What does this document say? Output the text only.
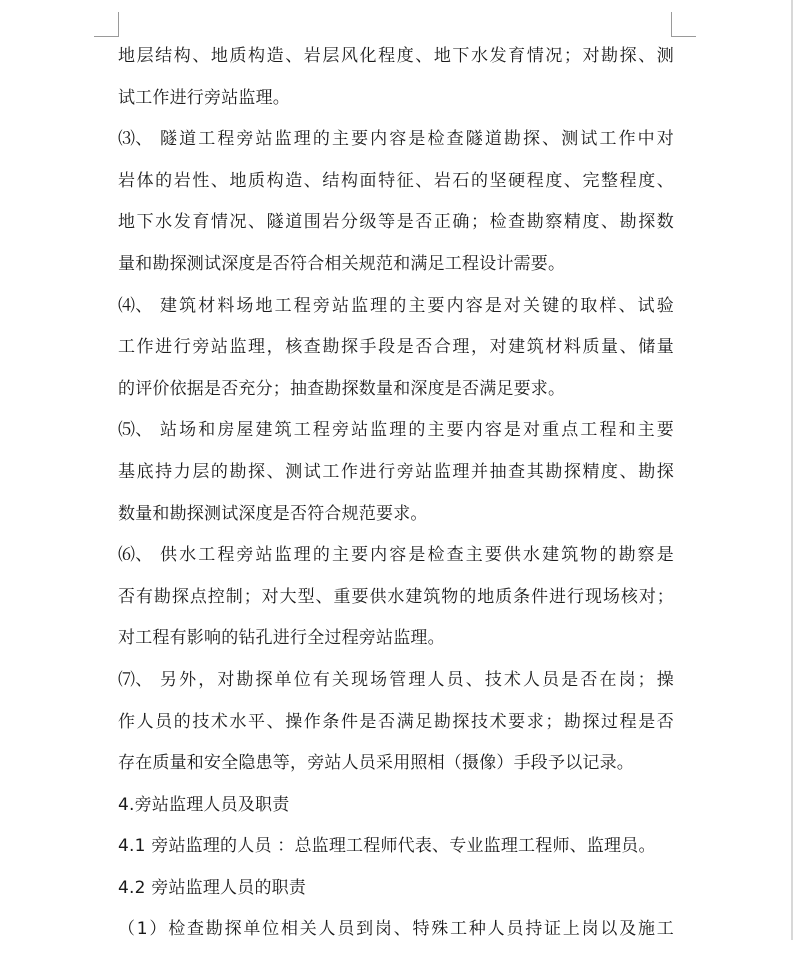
地层结构、地质构造、岩层风化程度、地下水发育情况；对勘探、测
试工作进行旁站监理。
⑶、 隧道工程旁站监理的主要内容是检查隧道勘探、测试工作中对
岩体的岩性、地质构造、结构面特征、岩石的坚硬程度、完整程度、
地下水发育情况、隧道围岩分级等是否正确；检查勘察精度、勘探数
量和勘探测试深度是否符合相关规范和满足工程设计需要。
⑷、 建筑材料场地工程旁站监理的主要内容是对关键的取样、试验
工作进行旁站监理，核查勘探手段是否合理，对建筑材料质量、储量
的评价依据是否充分；抽查勘探数量和深度是否满足要求。
⑸、 站场和房屋建筑工程旁站监理的主要内容是对重点工程和主要
基底持力层的勘探、测试工作进行旁站监理并抽查其勘探精度、勘探
数量和勘探测试深度是否符合规范要求。
⑹、 供水工程旁站监理的主要内容是检查主要供水建筑物的勘察是
否有勘探点控制；对大型、重要供水建筑物的地质条件进行现场核对；
对工程有影响的钻孔进行全过程旁站监理。
⑺、 另外，对勘探单位有关现场管理人员、技术人员是否在岗；操
作人员的技术水平、操作条件是否满足勘探技术要求；勘探过程是否
存在质量和安全隐患等，旁站人员采用照相（摄像）手段予以记录。
4.旁站监理人员及职责
4.1 旁站监理的人员 ：总监理工程师代表、专业监理工程师、监理员。
4.2 旁站监理人员的职责
（1）检查勘探单位相关人员到岗、特殊工种人员持证上岗以及施工
